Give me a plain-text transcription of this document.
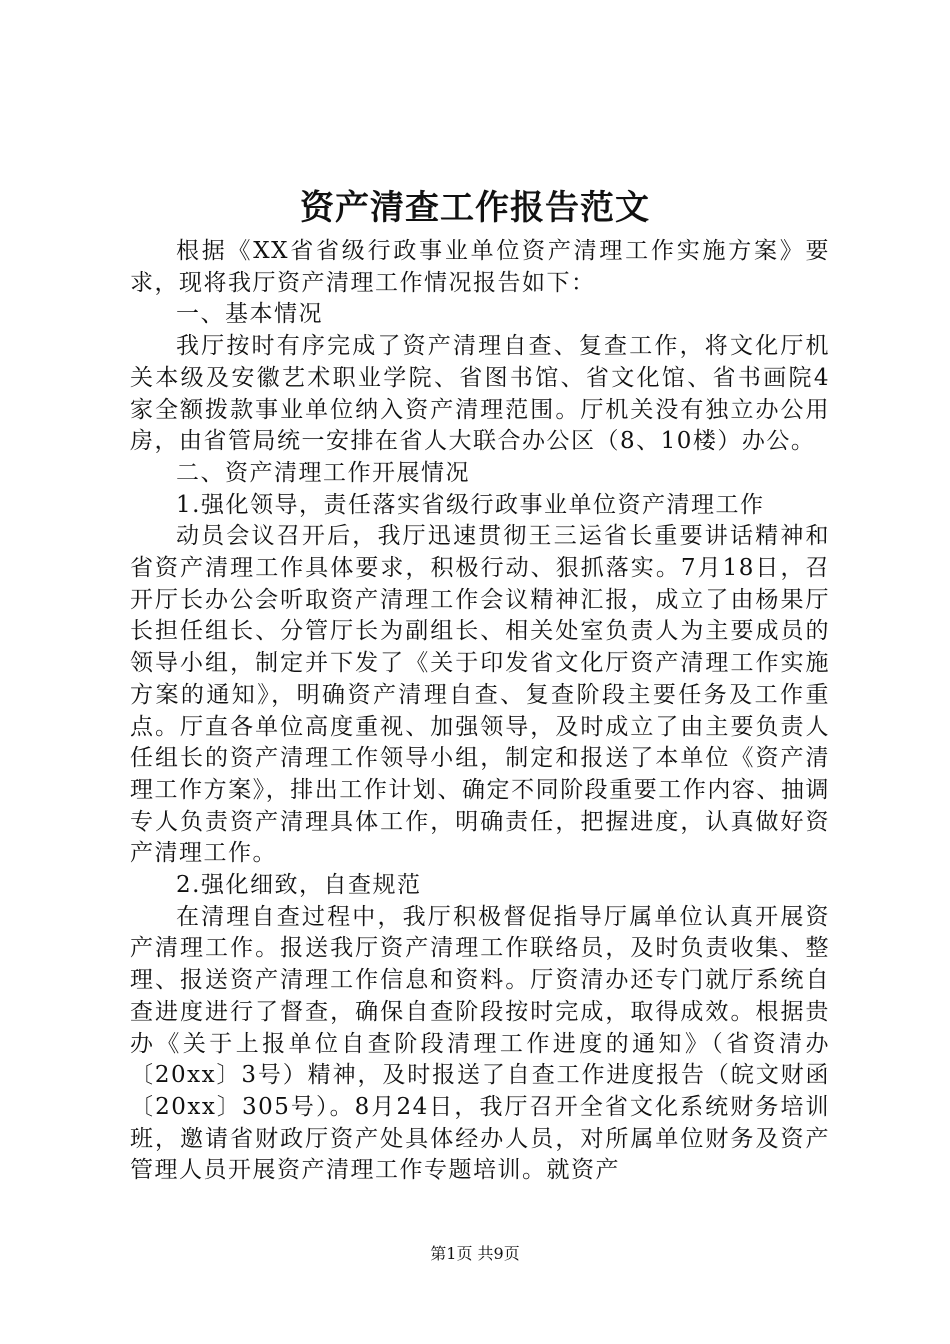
资产清查工作报告范文

根据《XX省省级行政事业单位资产清理工作实施方案》要求，现将我厅资产清理工作情况报告如下：

一、基本情况

我厅按时有序完成了资产清理自查、复查工作，将文化厅机关本级及安徽艺术职业学院、省图书馆、省文化馆、省书画院4家全额拨款事业单位纳入资产清理范围。厅机关没有独立办公用房，由省管局统一安排在省人大联合办公区（8、10楼）办公。

二、资产清理工作开展情况

1.强化领导，责任落实省级行政事业单位资产清理工作

动员会议召开后，我厅迅速贯彻王三运省长重要讲话精神和省资产清理工作具体要求，积极行动、狠抓落实。7月18日，召开厅长办公会听取资产清理工作会议精神汇报，成立了由杨果厅长担任组长、分管厅长为副组长、相关处室负责人为主要成员的领导小组，制定并下发了《关于印发省文化厅资产清理工作实施方案的通知》，明确资产清理自查、复查阶段主要任务及工作重点。厅直各单位高度重视、加强领导，及时成立了由主要负责人任组长的资产清理工作领导小组，制定和报送了本单位《资产清理工作方案》，排出工作计划、确定不同阶段重要工作内容、抽调专人负责资产清理具体工作，明确责任，把握进度，认真做好资产清理工作。

2.强化细致，自查规范

在清理自查过程中，我厅积极督促指导厅属单位认真开展资产清理工作。报送我厅资产清理工作联络员，及时负责收集、整理、报送资产清理工作信息和资料。厅资清办还专门就厅系统自查进度进行了督查，确保自查阶段按时完成，取得成效。根据贵办《关于上报单位自查阶段清理工作进度的通知》（省资清办〔20xx〕3号）精神，及时报送了自查工作进度报告（皖文财函〔20xx〕305号）。8月24日，我厅召开全省文化系统财务培训班，邀请省财政厅资产处具体经办人员，对所属单位财务及资产管理人员开展资产清理工作专题培训。就资产

第1页 共9页
